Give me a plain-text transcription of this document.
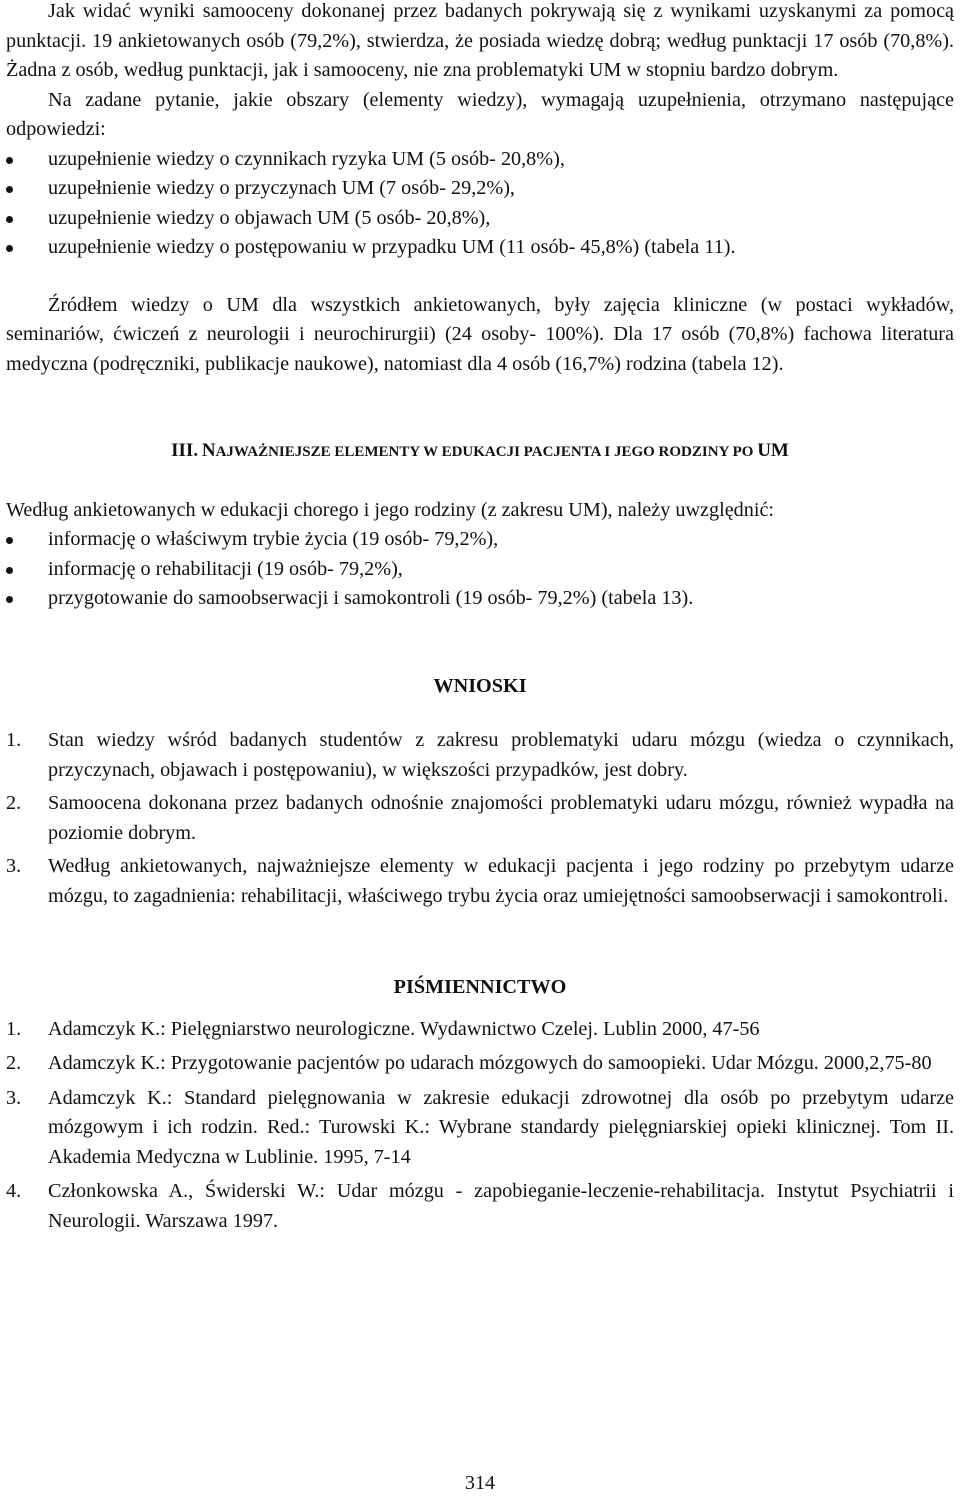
Jak widać wyniki samooceny dokonanej przez badanych pokrywają się z wynikami uzyskanymi za pomocą punktacji. 19 ankietowanych osób (79,2%), stwierdza, że posiada wiedzę dobrą; według punktacji 17 osób (70,8%). Żadna z osób, według punktacji, jak i samooceny, nie zna problematyki UM w stopniu bardzo dobrym.

Na zadane pytanie, jakie obszary (elementy wiedzy), wymagają uzupełnienia, otrzymano następujące odpowiedzi:

uzupełnienie wiedzy o czynnikach ryzyka UM (5 osób- 20,8%),
uzupełnienie wiedzy o przyczynach UM (7 osób- 29,2%),
uzupełnienie wiedzy o objawach UM (5 osób- 20,8%),
uzupełnienie wiedzy o postępowaniu w przypadku UM (11 osób- 45,8%) (tabela 11).

Źródłem wiedzy o UM dla wszystkich ankietowanych, były zajęcia kliniczne (w postaci wykładów, seminariów, ćwiczeń z neurologii i neurochirurgii) (24 osoby- 100%). Dla 17 osób (70,8%) fachowa literatura medyczna (podręczniki, publikacje naukowe), natomiast dla 4 osób (16,7%) rodzina (tabela 12).

III. NAJWAŻNIEJSZE ELEMENTY W EDUKACJI PACJENTA I JEGO RODZINY PO UM

Według ankietowanych w edukacji chorego i jego rodziny (z zakresu UM), należy uwzględnić:

informację o właściwym trybie życia (19 osób- 79,2%),
informację o rehabilitacji (19 osób- 79,2%),
przygotowanie do samoobserwacji i samokontroli (19 osób- 79,2%) (tabela 13).

WNIOSKI

1. Stan wiedzy wśród badanych studentów z zakresu problematyki udaru mózgu (wiedza o czynnikach, przyczynach, objawach i postępowaniu), w większości przypadków, jest dobry.
2. Samoocena dokonana przez badanych odnośnie znajomości problematyki udaru mózgu, również wypadła na poziomie dobrym.
3. Według ankietowanych, najważniejsze elementy w edukacji pacjenta i jego rodziny po przebytym udarze mózgu, to zagadnienia: rehabilitacji, właściwego trybu życia oraz umiejętności samoobserwacji i samokontroli.

PIŚMIENNICTWO

1. Adamczyk K.: Pielęgniarstwo neurologiczne. Wydawnictwo Czelej. Lublin 2000, 47-56
2. Adamczyk K.: Przygotowanie pacjentów po udarach mózgowych do samoopieki. Udar Mózgu. 2000,2,75-80
3. Adamczyk K.: Standard pielęgnowania w zakresie edukacji zdrowotnej dla osób po przebytym udarze mózgowym i ich rodzin. Red.: Turowski K.: Wybrane standardy pielęgniarskiej opieki klinicznej. Tom II. Akademia Medyczna w Lublinie. 1995, 7-14
4. Członkowska A., Świderski W.: Udar mózgu - zapobieganie-leczenie-rehabilitacja. Instytut Psychiatrii i Neurologii. Warszawa 1997.
314
